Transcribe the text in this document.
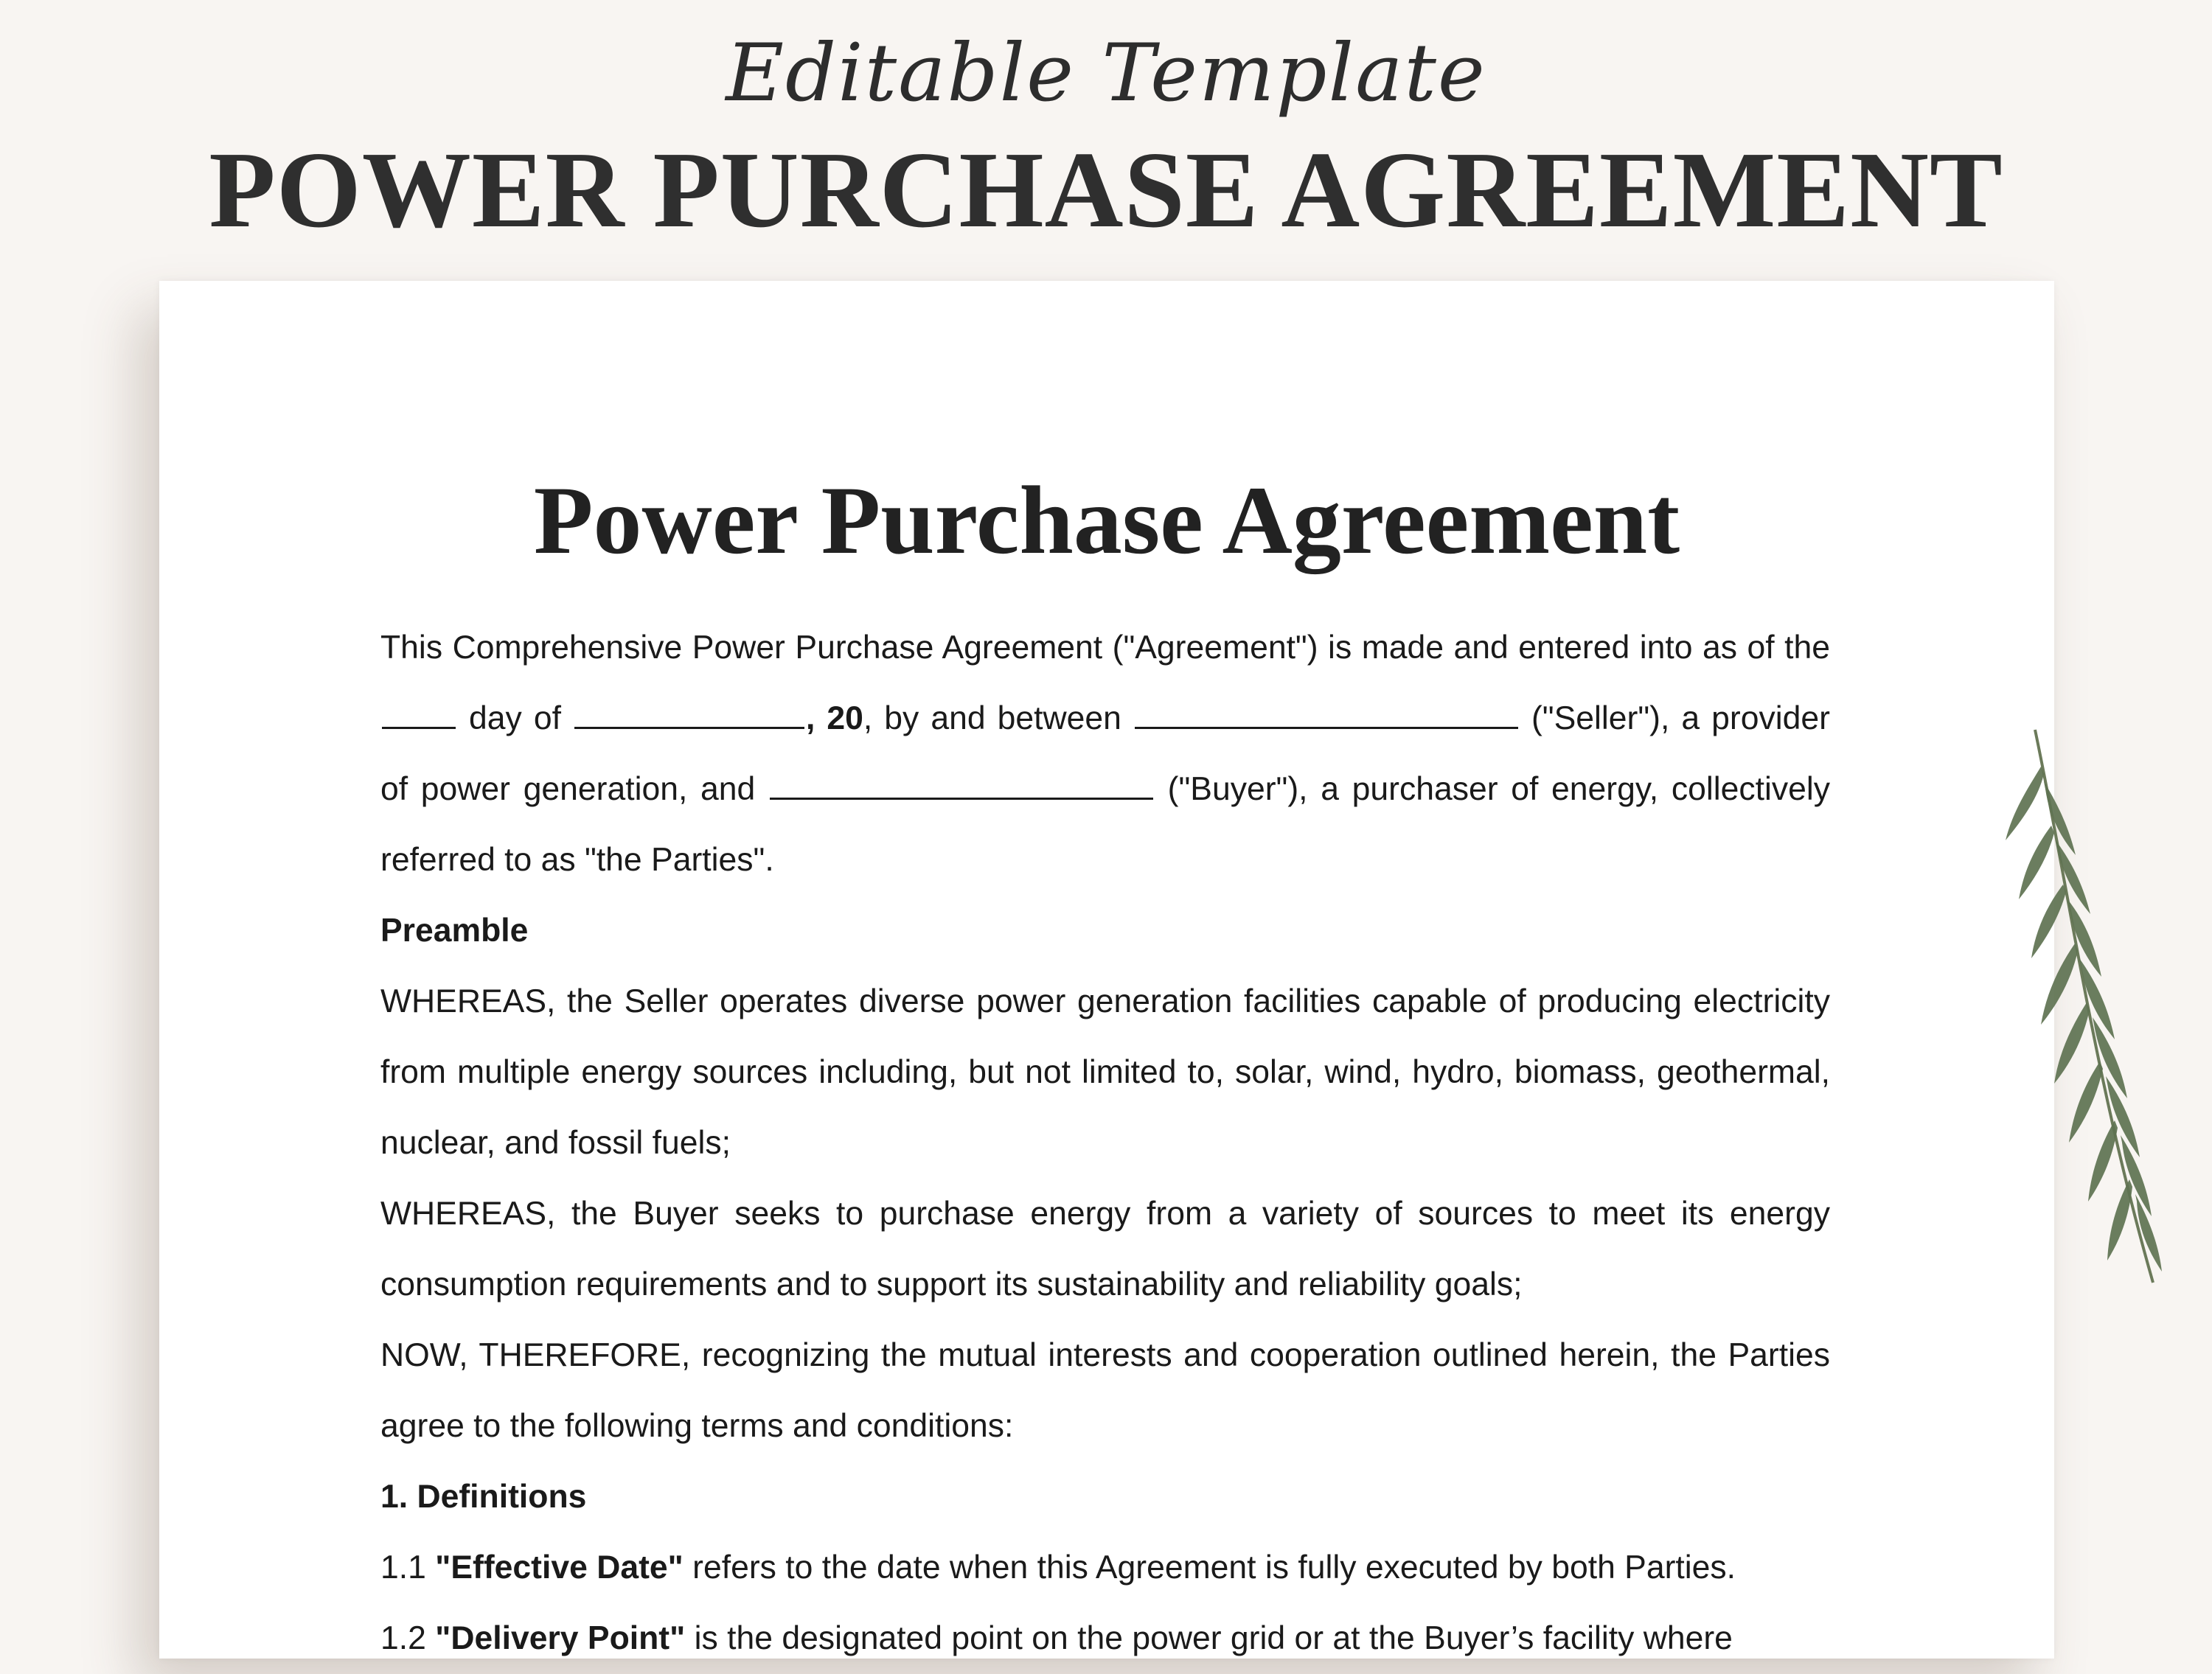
Editable Template
POWER PURCHASE AGREEMENT
Power Purchase Agreement

This Comprehensive Power Purchase Agreement ("Agreement") is made and entered into as of the  day of	, 20, by and between	("Seller"), a provider of power generation, and	("Buyer"), a purchaser of energy, collectively referred to as "the Parties".

Preamble

WHEREAS, the Seller operates diverse power generation facilities capable of producing electricity from multiple energy sources including, but not limited to, solar, wind, hydro, biomass, geothermal, nuclear, and fossil fuels;

WHEREAS, the Buyer seeks to purchase energy from a variety of sources to meet its energy consumption requirements and to support its sustainability and reliability goals;

NOW, THEREFORE, recognizing the mutual interests and cooperation outlined herein, the Parties agree to the following terms and conditions:

1. Definitions

1.1 "Effective Date" refers to the date when this Agreement is fully executed by both Parties.

1.2 "Delivery Point" is the designated point on the power grid or at the Buyer’s facility where
